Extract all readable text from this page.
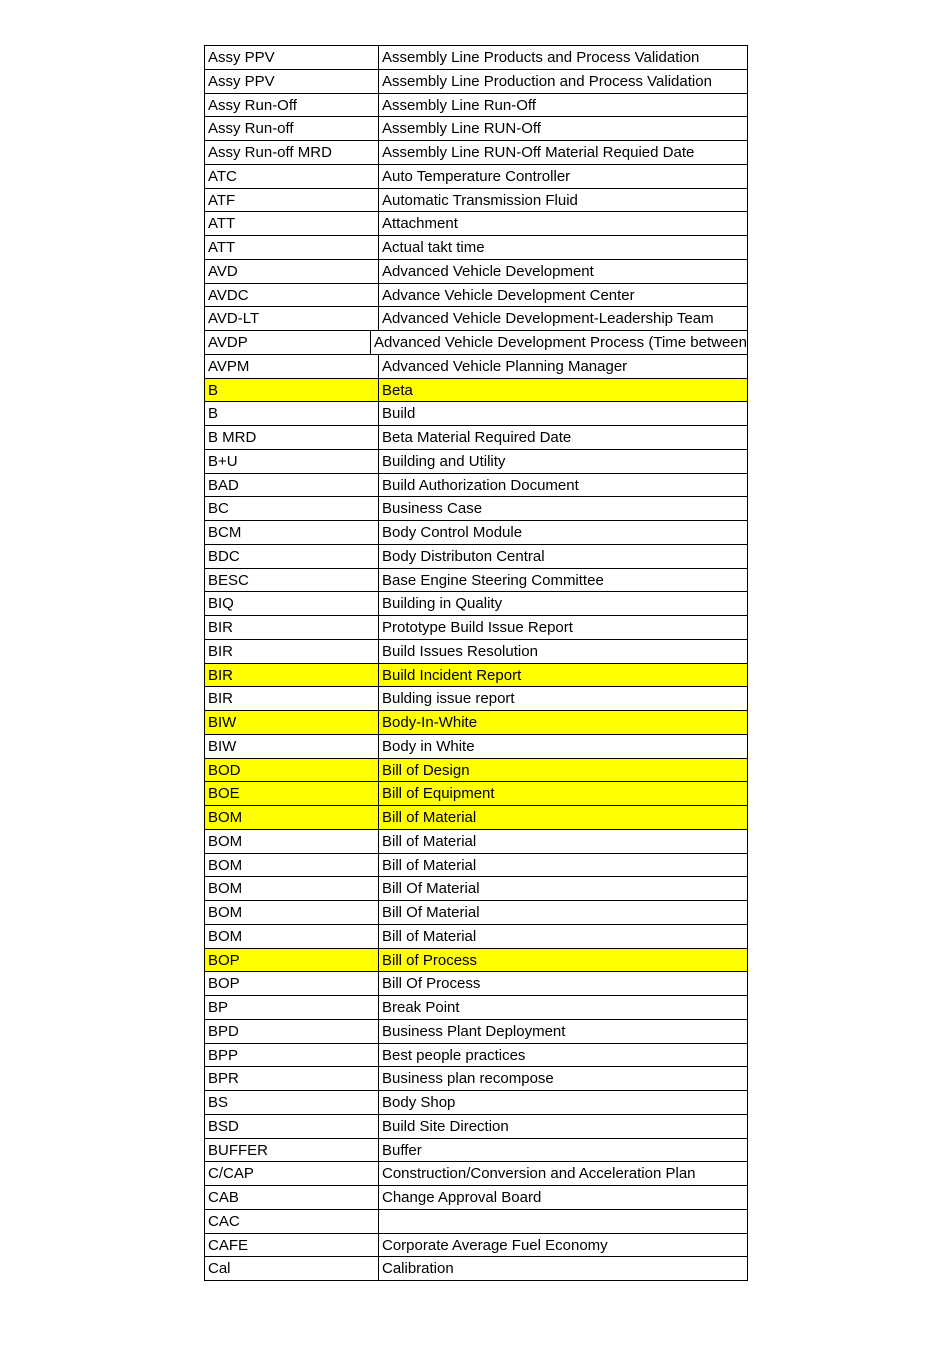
Assy PPV	Assembly Line Products and Process Validation
Assy PPV	Assembly Line Production and Process Validation
Assy Run-Off	Assembly Line Run-Off
Assy Run-off	Assembly Line RUN-Off
Assy Run-off MRD	Assembly Line RUN-Off Material Requied Date
ATC	Auto Temperature Controller
ATF	Automatic Transmission Fluid
ATT	Attachment
ATT	Actual takt time
AVD	Advanced Vehicle Development
AVDC	Advance Vehicle Development Center
AVD-LT	Advanced Vehicle Development-Leadership Team
AVDP	Advanced Vehicle Development Process (Time between
AVPM	Advanced Vehicle Planning Manager
B	Beta
B	Build
B MRD	Beta Material Required Date
B+U	Building and Utility
BAD	Build Authorization Document
BC	Business Case
BCM	Body Control Module
BDC	Body Distributon Central
BESC	Base Engine Steering Committee
BIQ	Building in Quality
BIR	Prototype Build Issue Report
BIR	Build Issues Resolution
BIR	Build Incident Report
BIR	Bulding issue report
BIW	Body-In-White
BIW	Body in White
BOD	Bill of Design
BOE	Bill of Equipment
BOM	Bill of Material
BOM	Bill of Material
BOM	Bill of Material
BOM	Bill Of Material
BOM	Bill Of Material
BOM	Bill of Material
BOP	Bill of Process
BOP	Bill Of Process
BP	Break Point
BPD	Business Plant Deployment
BPP	Best people practices
BPR	Business plan recompose
BS	Body Shop
BSD	Build Site Direction
BUFFER	Buffer
C/CAP	Construction/Conversion and Acceleration Plan
CAB	Change Approval Board
CAC
CAFE	Corporate Average Fuel Economy
Cal	Calibration
